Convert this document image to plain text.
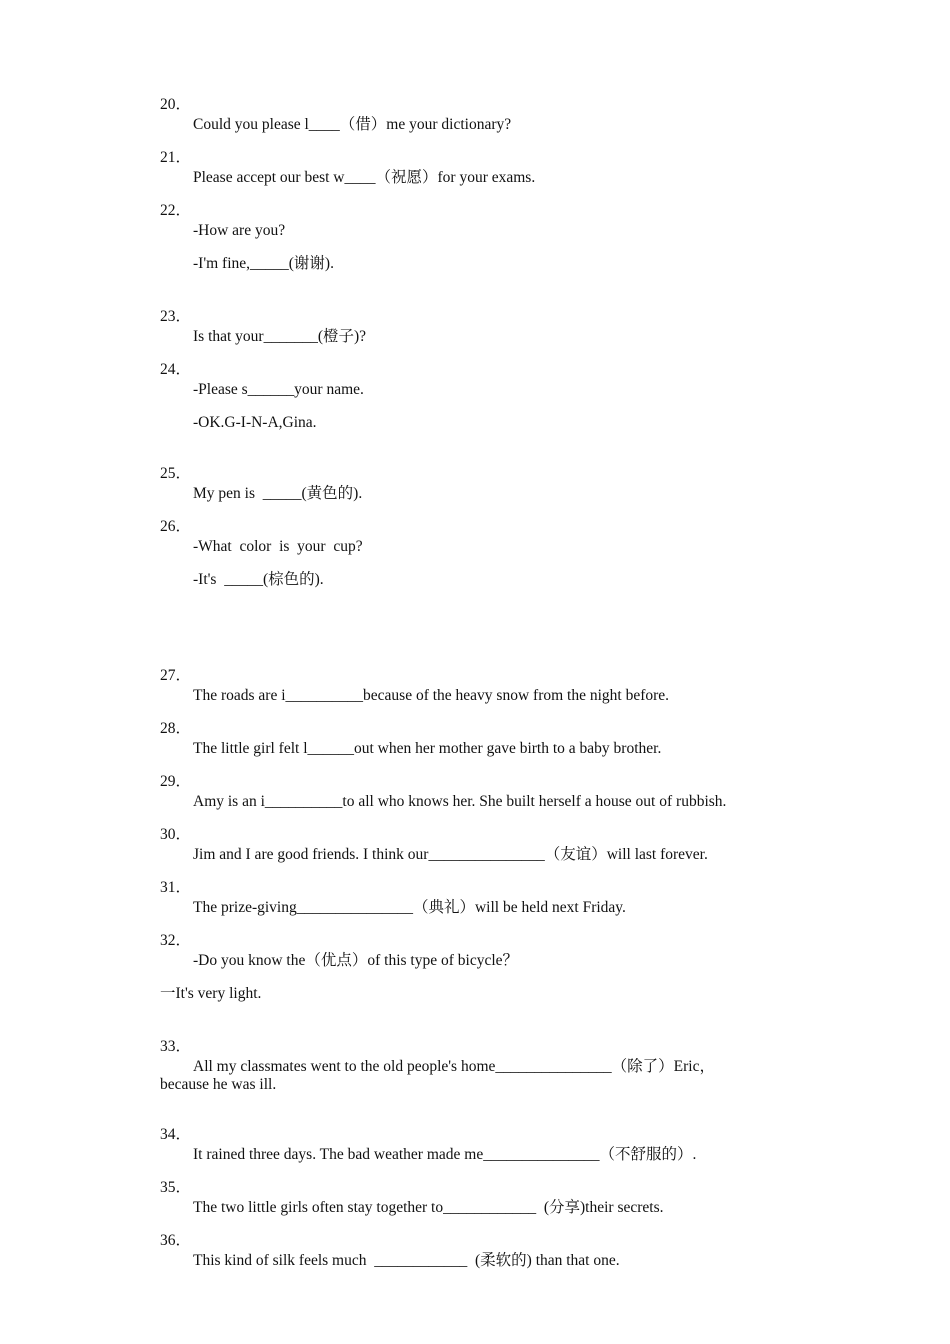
20．

Could you please l____（借）me your dictionary?

21．

Please accept our best w____（祝愿）for your exams.

22．

-How are you?

-I'm fine,_____(谢谢).

23．

Is that your_______(橙子)?

24．

-Please s______your name.

-OK.G-I-N-A,Gina.

25．

My pen is  _____(黄色的).

26．

-What  color  is  your  cup?

-It's  _____(棕色的).

27．

The roads are i__________because of the heavy snow from the night before.

28．

The little girl felt l______out when her mother gave birth to a baby brother.

29．

Amy is an i__________to all who knows her. She built herself a house out of rubbish.

30．

Jim and I are good friends. I think our_______________（友谊）will last forever.

31．

The prize-giving_______________（典礼）will be held next Friday.

32．

-Do you know the（优点）of this type of bicycle？

一It's very light.

33．

All my classmates went to the old people's home_______________（除了）Eric，

because he was ill.

34．

It rained three days. The bad weather made me_______________（不舒服的）.

35．

The two little girls often stay together to____________  (分享)their secrets.

36．

This kind of silk feels much  ____________  (柔软的) than that one.
